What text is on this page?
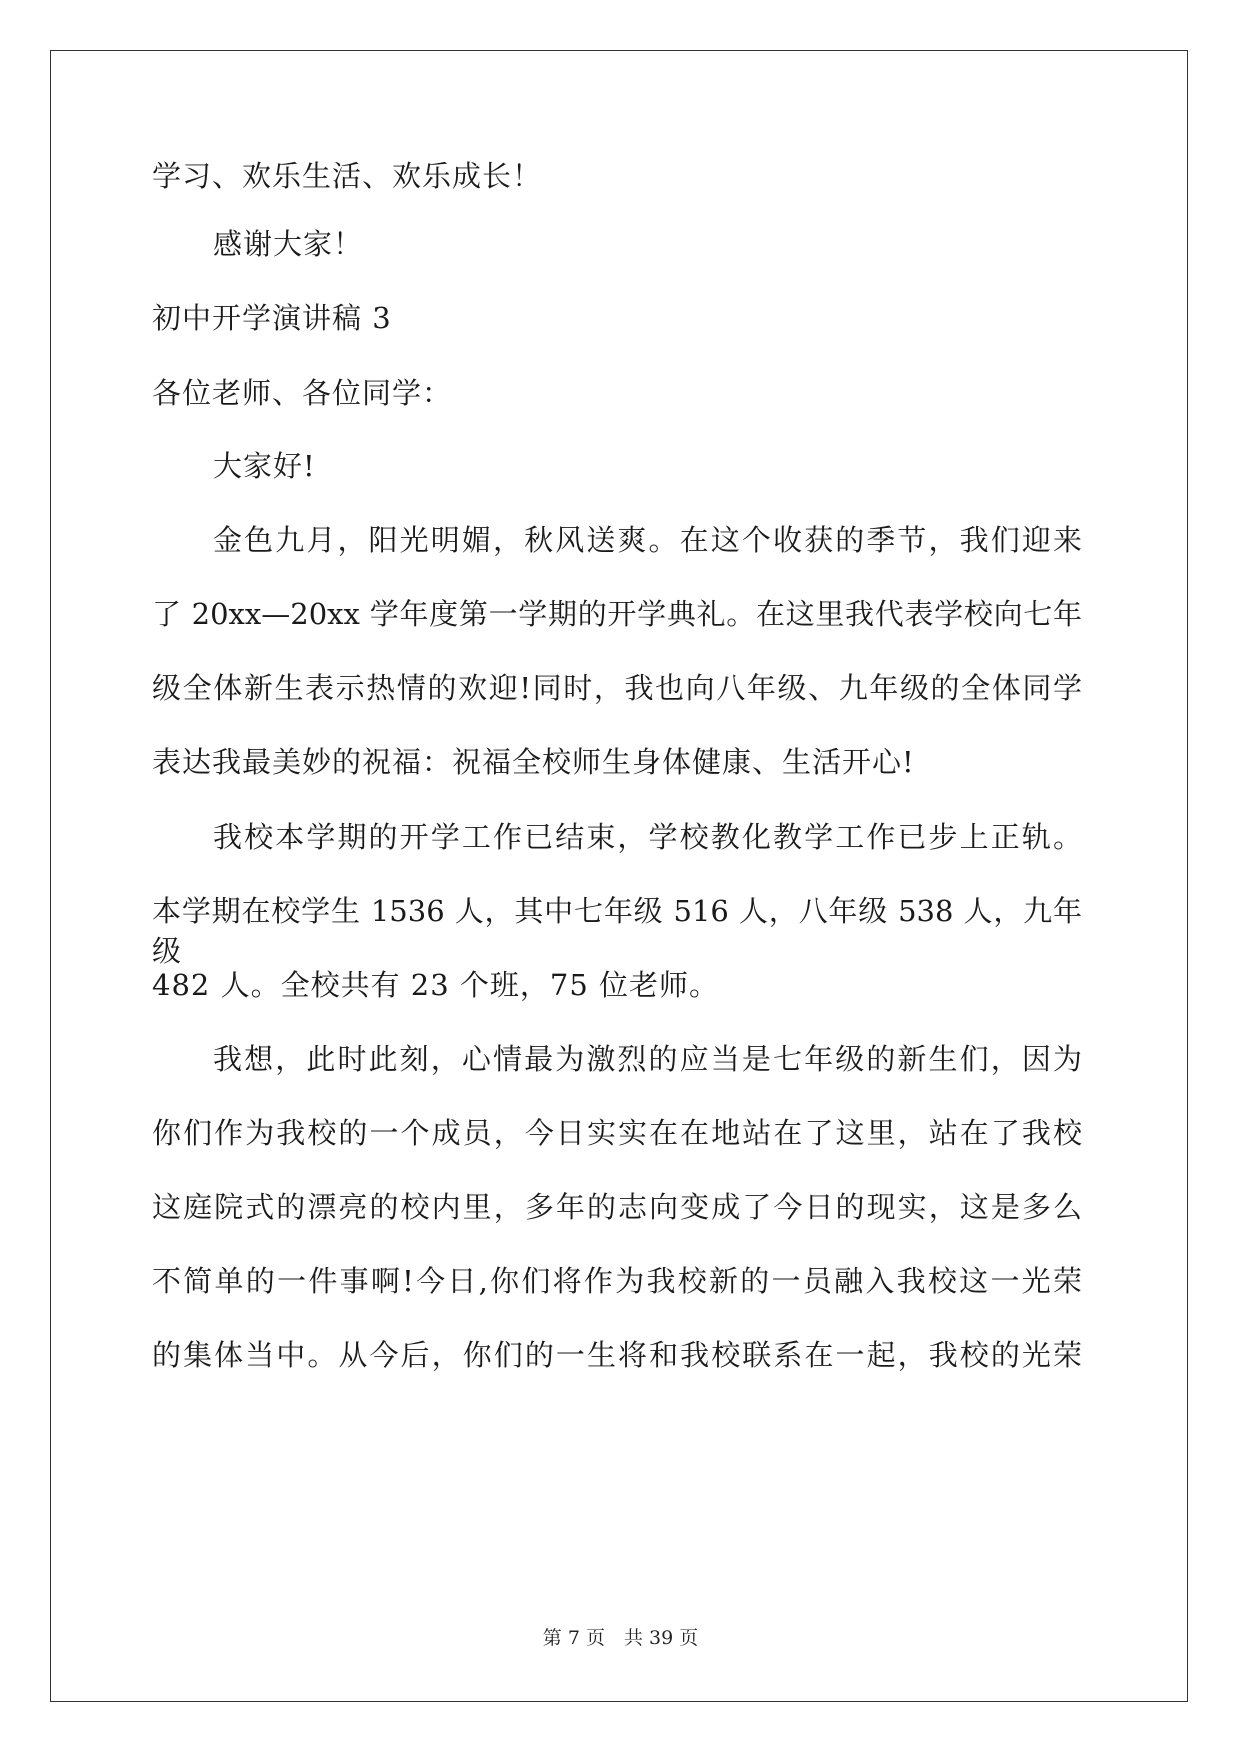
学习、欢乐生活、欢乐成长！
感谢大家！
初中开学演讲稿 3
各位老师、各位同学：
大家好!
金色九月，阳光明媚，秋风送爽。在这个收获的季节，我们迎来
了 20xx—20xx 学年度第一学期的开学典礼。在这里我代表学校向七年
级全体新生表示热情的欢迎!同时，我也向八年级、九年级的全体同学
表达我最美妙的祝福：祝福全校师生身体健康、生活开心!
我校本学期的开学工作已结束，学校教化教学工作已步上正轨。
本学期在校学生 1536 人，其中七年级 516 人，八年级 538 人，九年级
482 人。全校共有 23 个班，75 位老师。
我想，此时此刻，心情最为激烈的应当是七年级的新生们，因为
你们作为我校的一个成员，今日实实在在地站在了这里，站在了我校
这庭院式的漂亮的校内里，多年的志向变成了今日的现实，这是多么
不简单的一件事啊!今日,你们将作为我校新的一员融入我校这一光荣
的集体当中。从今后，你们的一生将和我校联系在一起，我校的光荣
第 7 页　共 39 页
